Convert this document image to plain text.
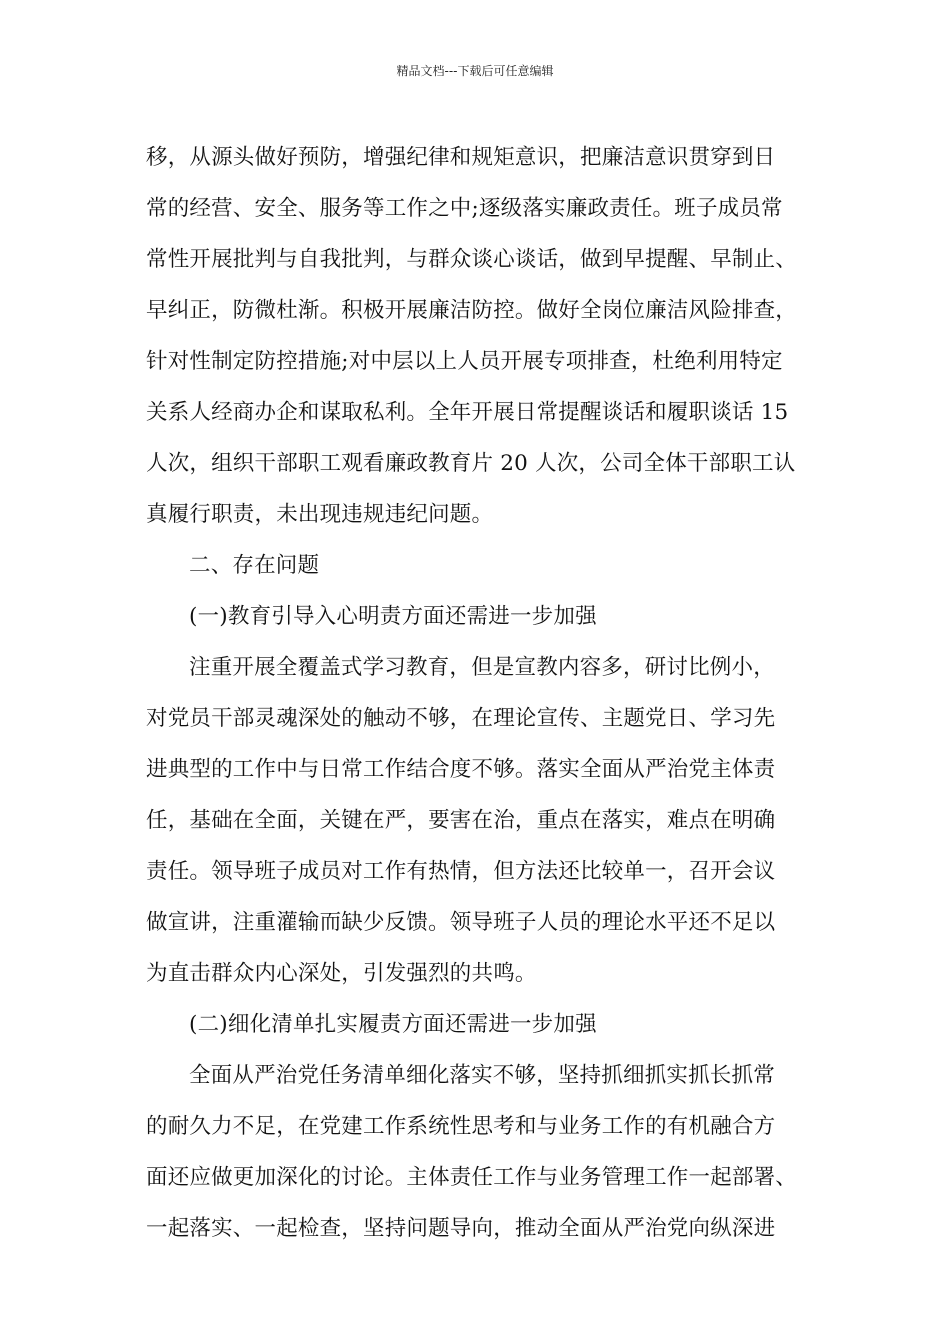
精品文档---下载后可任意编辑
移，从源头做好预防，增强纪律和规矩意识，把廉洁意识贯穿到日
常的经营、安全、服务等工作之中;逐级落实廉政责任。班子成员常
常性开展批判与自我批判，与群众谈心谈话，做到早提醒、早制止、
早纠正，防微杜渐。积极开展廉洁防控。做好全岗位廉洁风险排查，
针对性制定防控措施;对中层以上人员开展专项排查，杜绝利用特定
关系人经商办企和谋取私利。全年开展日常提醒谈话和履职谈话 15
人次，组织干部职工观看廉政教育片 20 人次，公司全体干部职工认
真履行职责，未出现违规违纪问题。
二、存在问题
(一)教育引导入心明责方面还需进一步加强
注重开展全覆盖式学习教育，但是宣教内容多，研讨比例小，
对党员干部灵魂深处的触动不够，在理论宣传、主题党日、学习先
进典型的工作中与日常工作结合度不够。落实全面从严治党主体责
任，基础在全面，关键在严，要害在治，重点在落实，难点在明确
责任。领导班子成员对工作有热情，但方法还比较单一，召开会议
做宣讲，注重灌输而缺少反馈。领导班子人员的理论水平还不足以
为直击群众内心深处，引发强烈的共鸣。
(二)细化清单扎实履责方面还需进一步加强
全面从严治党任务清单细化落实不够，坚持抓细抓实抓长抓常
的耐久力不足，在党建工作系统性思考和与业务工作的有机融合方
面还应做更加深化的讨论。主体责任工作与业务管理工作一起部署、
一起落实、一起检查，坚持问题导向，推动全面从严治党向纵深进
